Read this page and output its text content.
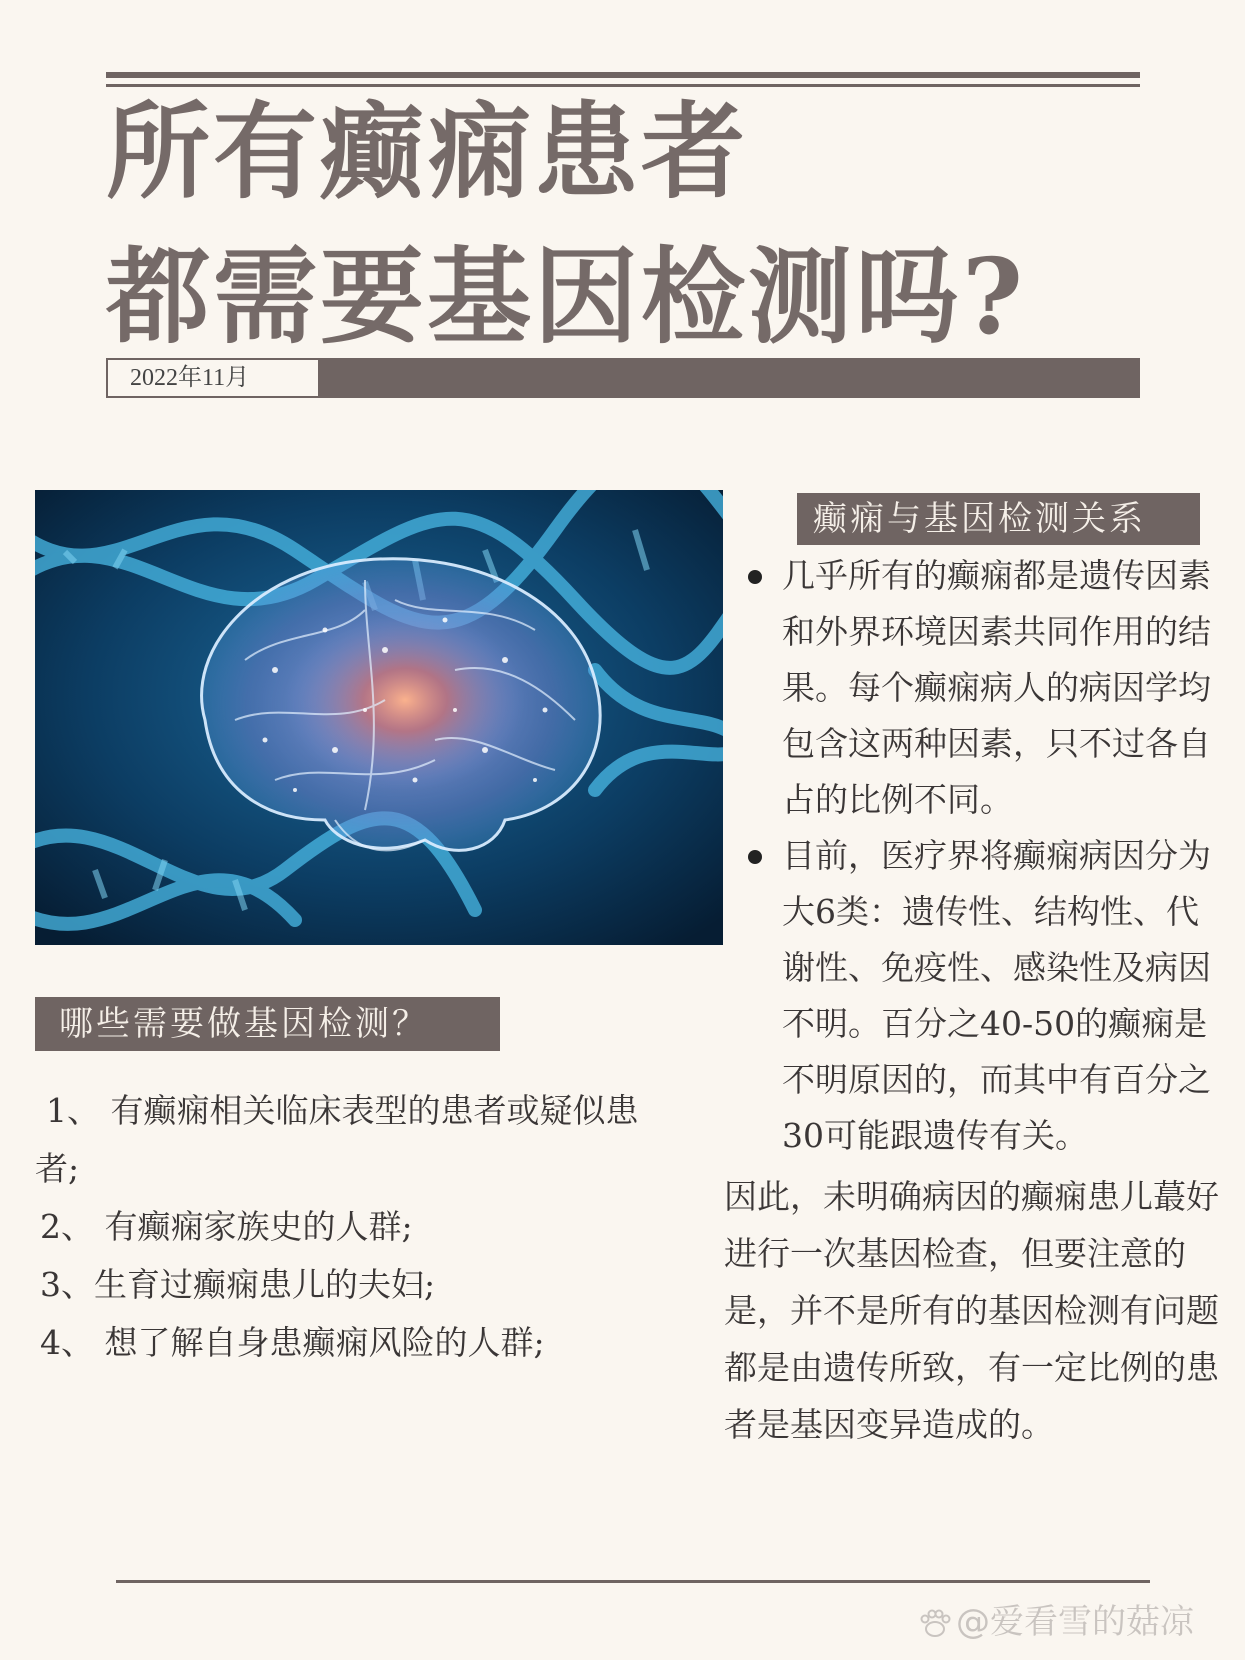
所有癫痫患者
都需要基因检测吗?
2022年11月
癫痫与基因检测关系
几乎所有的癫痫都是遗传因素和外界环境因素共同作用的结果。每个癫痫病人的病因学均包含这两种因素，只不过各自占的比例不同。
目前，医疗界将癫痫病因分为大6类：遗传性、结构性、代谢性、免疫性、感染性及病因不明。百分之40-50的癫痫是不明原因的，而其中有百分之30可能跟遗传有关。
因此，未明确病因的癫痫患儿蕞好进行一次基因检查，但要注意的是，并不是所有的基因检测有问题都是由遗传所致，有一定比例的患者是基因变异造成的。
哪些需要做基因检测？
1、 有癫痫相关临床表型的患者或疑似患
者;
2、 有癫痫家族史的人群;
3、生育过癫痫患儿的夫妇;
4、 想了解自身患癫痫风险的人群;
@爱看雪的菇凉
